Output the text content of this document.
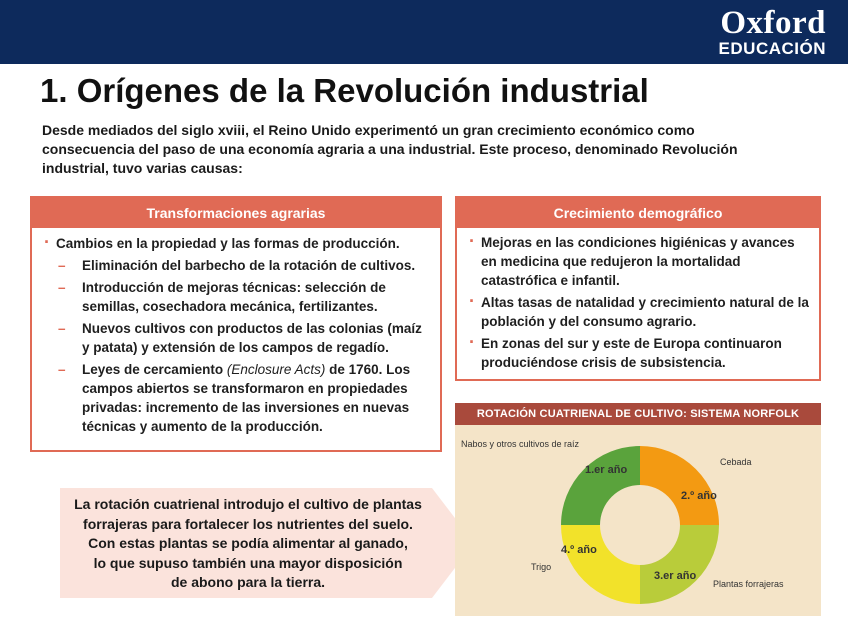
Oxford
EDUCACIÓN
1. Orígenes de la Revolución industrial
Desde mediados del siglo xviii, el Reino Unido experimentó un gran crecimiento económico como
consecuencia del paso de una economía agraria a una industrial. Este proceso, denominado Revolución
industrial, tuvo varias causas:
Transformaciones agrarias
· Cambios en la propiedad y las formas de producción.
– Eliminación del barbecho de la rotación de cultivos.
– Introducción de mejoras técnicas: selección de semillas, cosechadora mecánica, fertilizantes.
– Nuevos cultivos con productos de las colonias (maíz y patata) y extensión de los campos de regadío.
– Leyes de cercamiento (Enclosure Acts) de 1760. Los campos abiertos se transformaron en propiedades privadas: incremento de las inversiones en nuevas técnicas y aumento de la producción.
Crecimiento demográfico
· Mejoras en las condiciones higiénicas y avances en medicina que redujeron la mortalidad catastrófica e infantil.
· Altas tasas de natalidad y crecimiento natural de la población y del consumo agrario.
· En zonas del sur y este de Europa continuaron produciéndose crisis de subsistencia.
La rotación cuatrienal introdujo el cultivo de plantas
forrajeras para fortalecer los nutrientes del suelo.
Con estas plantas se podía alimentar al ganado,
lo que supuso también una mayor disposición
de abono para la tierra.
ROTACIÓN CUATRIENAL DE CULTIVO: SISTEMA NORFOLK
Nabos y otros cultivos de raíz
Cebada
Trigo
Plantas forrajeras
1.er año
2.º año
3.er año
4.º año
